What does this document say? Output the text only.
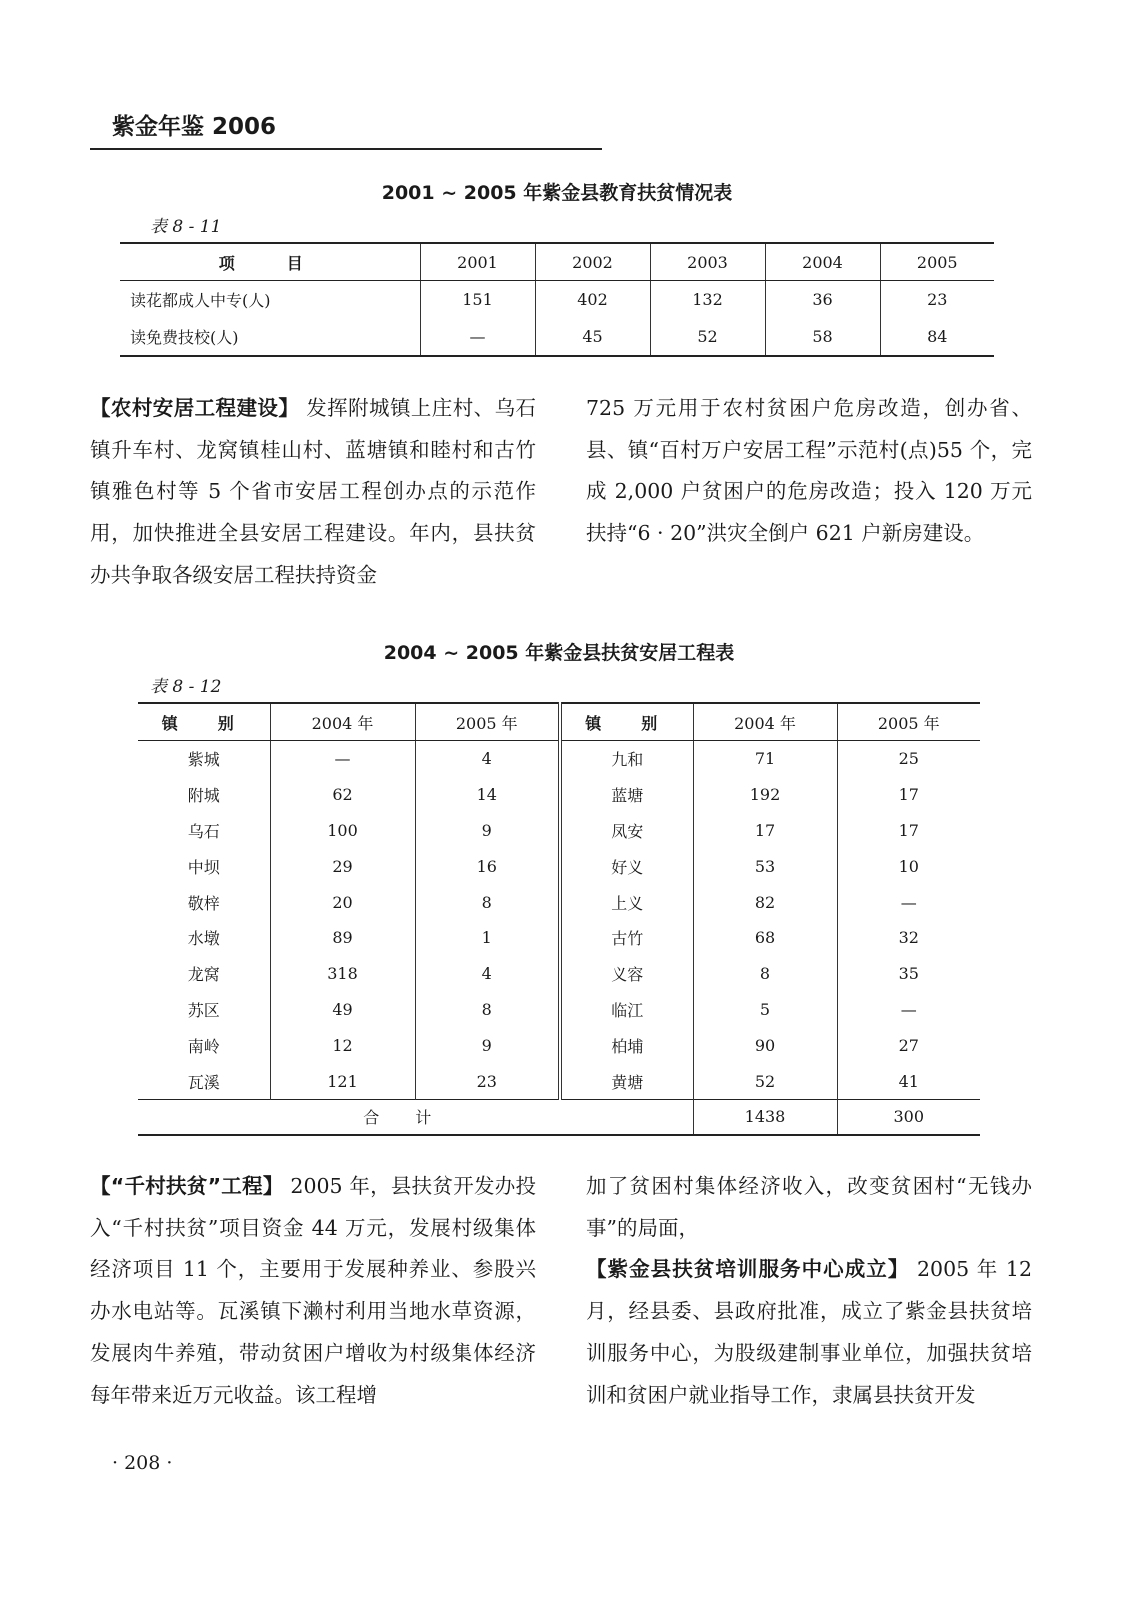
紫金年鉴 2006
2001 ~ 2005 年紫金县教育扶贫情况表
表 8 - 11
项　目	2001	2002	2003	2004	2005
读花都成人中专(人)	151	402	132	36	23
读免费技校(人)	—	45	52	58	84
【农村安居工程建设】 发挥附城镇上庄村、乌石镇升车村、龙窝镇桂山村、蓝塘镇和睦村和古竹镇雅色村等 5 个省市安居工程创办点的示范作用，加快推进全县安居工程建设。年内，县扶贫办共争取各级安居工程扶持资金
725 万元用于农村贫困户危房改造，创办省、县、镇“百村万户安居工程”示范村(点)55 个，完成 2,000 户贫困户的危房改造；投入 120 万元扶持“6 · 20”洪灾全倒户 621 户新房建设。
2004 ~ 2005 年紫金县扶贫安居工程表
表 8 - 12
镇　别	2004 年	2005 年	镇　别	2004 年	2005 年
紫城	—	4	九和	71	25
附城	62	14	蓝塘	192	17
乌石	100	9	凤安	17	17
中坝	29	16	好义	53	10
敬梓	20	8	上义	82	—
水墩	89	1	古竹	68	32
龙窝	318	4	义容	8	35
苏区	49	8	临江	5	—
南岭	12	9	柏埔	90	27
瓦溪	121	23	黄塘	52	41
合计				1438	300
【“千村扶贫”工程】 2005 年，县扶贫开发办投入“千村扶贫”项目资金 44 万元，发展村级集体经济项目 11 个，主要用于发展种养业、参股兴办水电站等。瓦溪镇下濑村利用当地水草资源，发展肉牛养殖，带动贫困户增收为村级集体经济每年带来近万元收益。该工程增
加了贫困村集体经济收入，改变贫困村“无钱办事”的局面，
【紫金县扶贫培训服务中心成立】 2005 年 12 月，经县委、县政府批准，成立了紫金县扶贫培训服务中心，为股级建制事业单位，加强扶贫培训和贫困户就业指导工作，隶属县扶贫开发
· 208 ·
